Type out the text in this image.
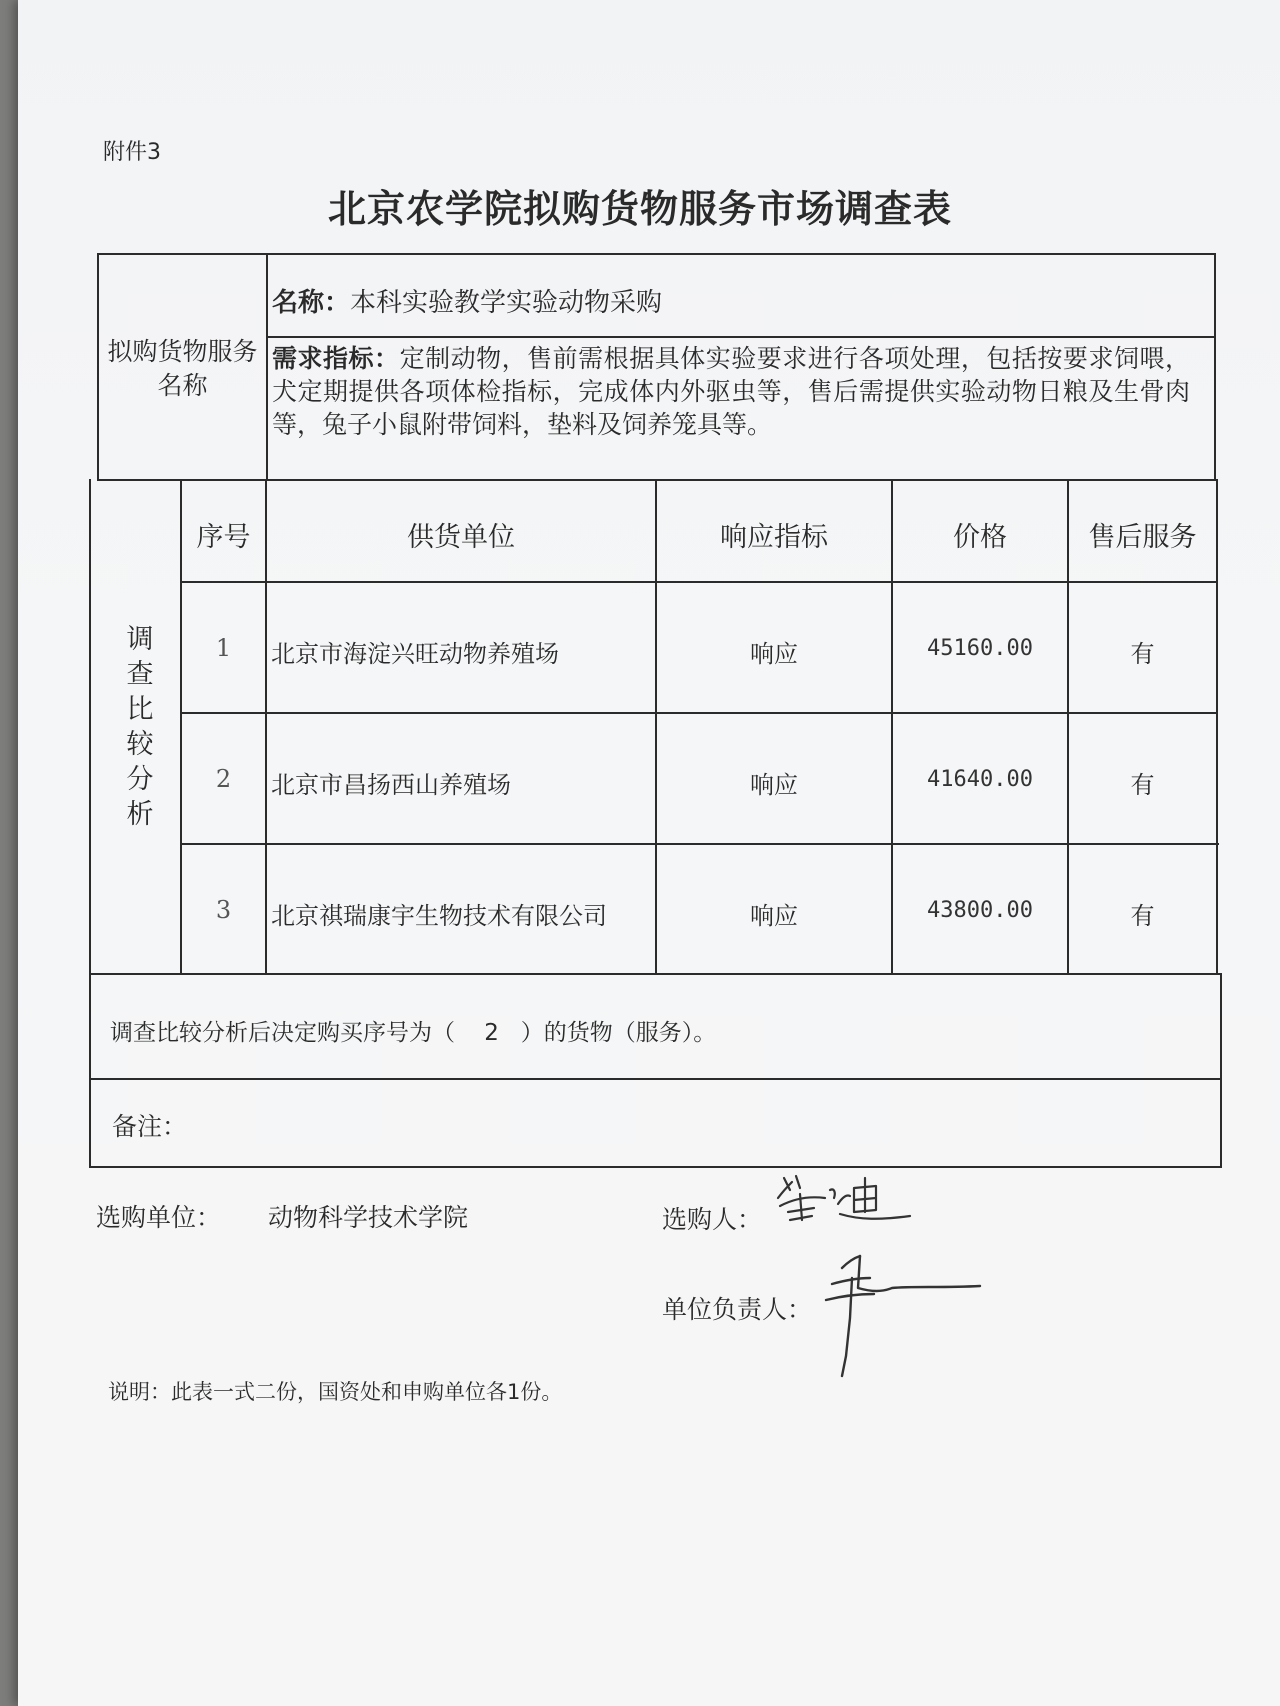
附件3
北京农学院拟购货物服务市场调查表
拟购货物服务名称
名称：本科实验教学实验动物采购
需求指标：定制动物，售前需根据具体实验要求进行各项处理，包括按要求饲喂，犬定期提供各项体检指标，完成体内外驱虫等，售后需提供实验动物日粮及生骨肉等，兔子小鼠附带饲料，垫料及饲养笼具等。
调
查
比
较
分
析
序号	供货单位	响应指标	价格	售后服务
1	北京市海淀兴旺动物养殖场	响应	45160.00	有
2	北京市昌扬西山养殖场	响应	41640.00	有
3	北京祺瑞康宇生物技术有限公司	响应	43800.00	有
调查比较分析后决定购买序号为（    2   ）的货物（服务）。
备注：
选购单位： 动物科学技术学院	选购人：
单位负责人：
说明：此表一式二份，国资处和申购单位各1份。
